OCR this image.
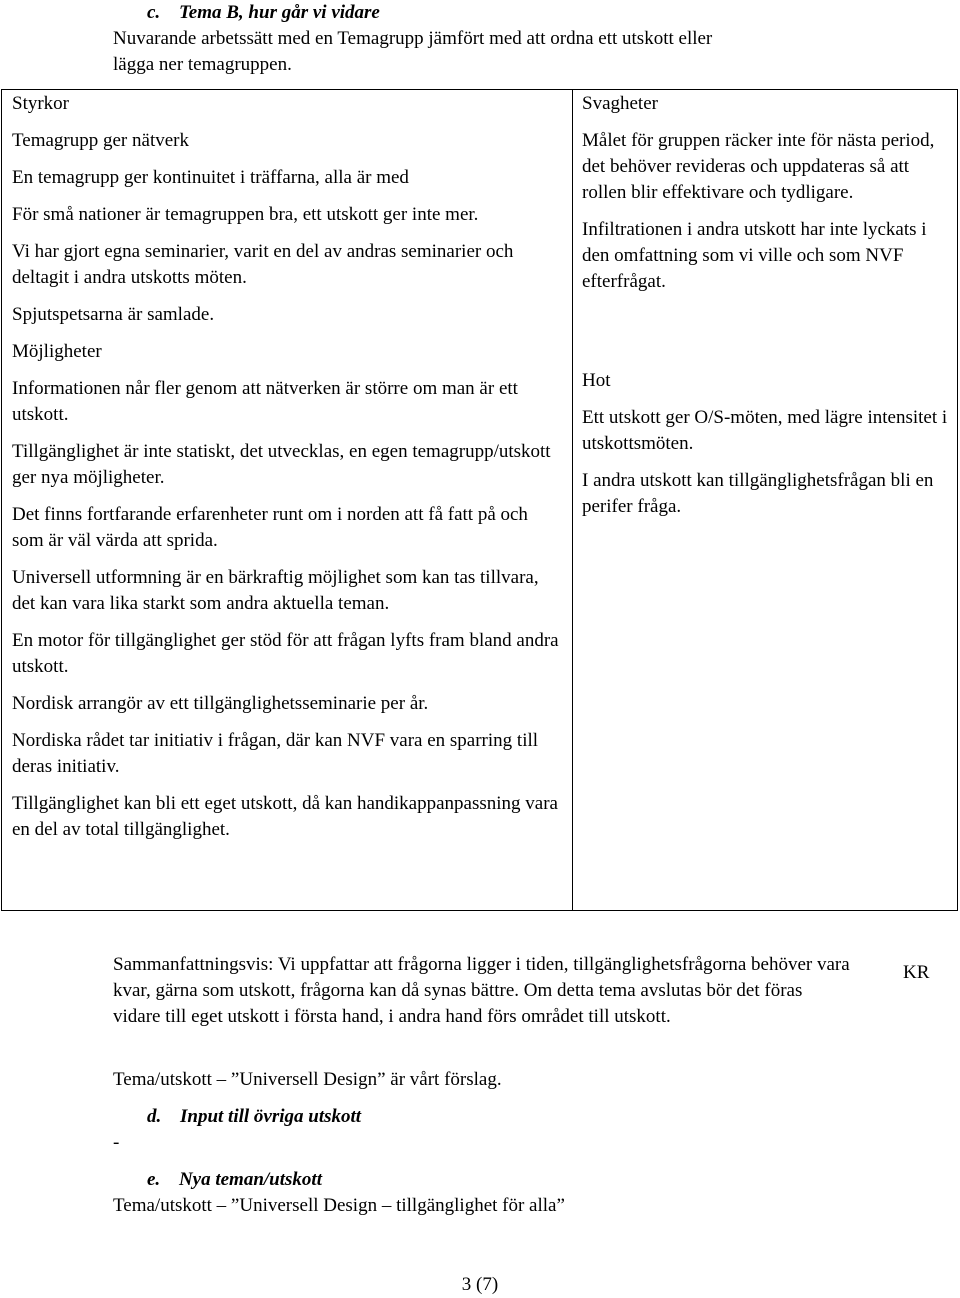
c. Tema B, hur går vi vidare
Nuvarande arbetssätt med en Temagrupp jämfört med att ordna ett utskott eller
lägga ner temagruppen.
Styrkor

Temagrupp ger nätverk

En temagrupp ger kontinuitet i träffarna, alla är med

För små nationer är temagruppen bra, ett utskott ger inte mer.

Vi har gjort egna seminarier, varit en del av andras seminarier och deltagit i andra utskotts möten.

Spjutspetsarna är samlade.

Möjligheter

Informationen når fler genom att nätverken är större om man är ett utskott.

Tillgänglighet är inte statiskt, det utvecklas, en egen temagrupp/utskott ger nya möjligheter.

Det finns fortfarande erfarenheter runt om i norden att få fatt på och som är väl värda att sprida.

Universell utformning är en bärkraftig möjlighet som kan tas tillvara, det kan vara lika starkt som andra aktuella teman.

En motor för tillgänglighet ger stöd för att frågan lyfts fram bland andra utskott.

Nordisk arrangör av ett tillgänglighetsseminarie per år.

Nordiska rådet tar initiativ i frågan, där kan NVF vara en sparring till deras initiativ.

Tillgänglighet kan bli ett eget utskott, då kan handikappanpassning vara en del av total tillgänglighet.

Svagheter

Målet för gruppen räcker inte för nästa period, det behöver revideras och uppdateras så att rollen blir effektivare och tydligare.

Infiltrationen i andra utskott har inte lyckats i den omfattning som vi ville och som NVF efterfrågat.

Hot

Ett utskott ger O/S-möten, med lägre intensitet i utskottsmöten.

I andra utskott kan tillgänglighetsfrågan bli en perifer fråga.

Sammanfattningsvis: Vi uppfattar att frågorna ligger i tiden, tillgänglighetsfrågorna behöver vara kvar, gärna som utskott, frågorna kan då synas bättre. Om detta tema avslutas bör det föras vidare till eget utskott i första hand, i andra hand förs området till utskott.
KR
Tema/utskott – ”Universell Design” är vårt förslag.
d. Input till övriga utskott
-
e. Nya teman/utskott
Tema/utskott – ”Universell Design – tillgänglighet för alla”
3 (7)
